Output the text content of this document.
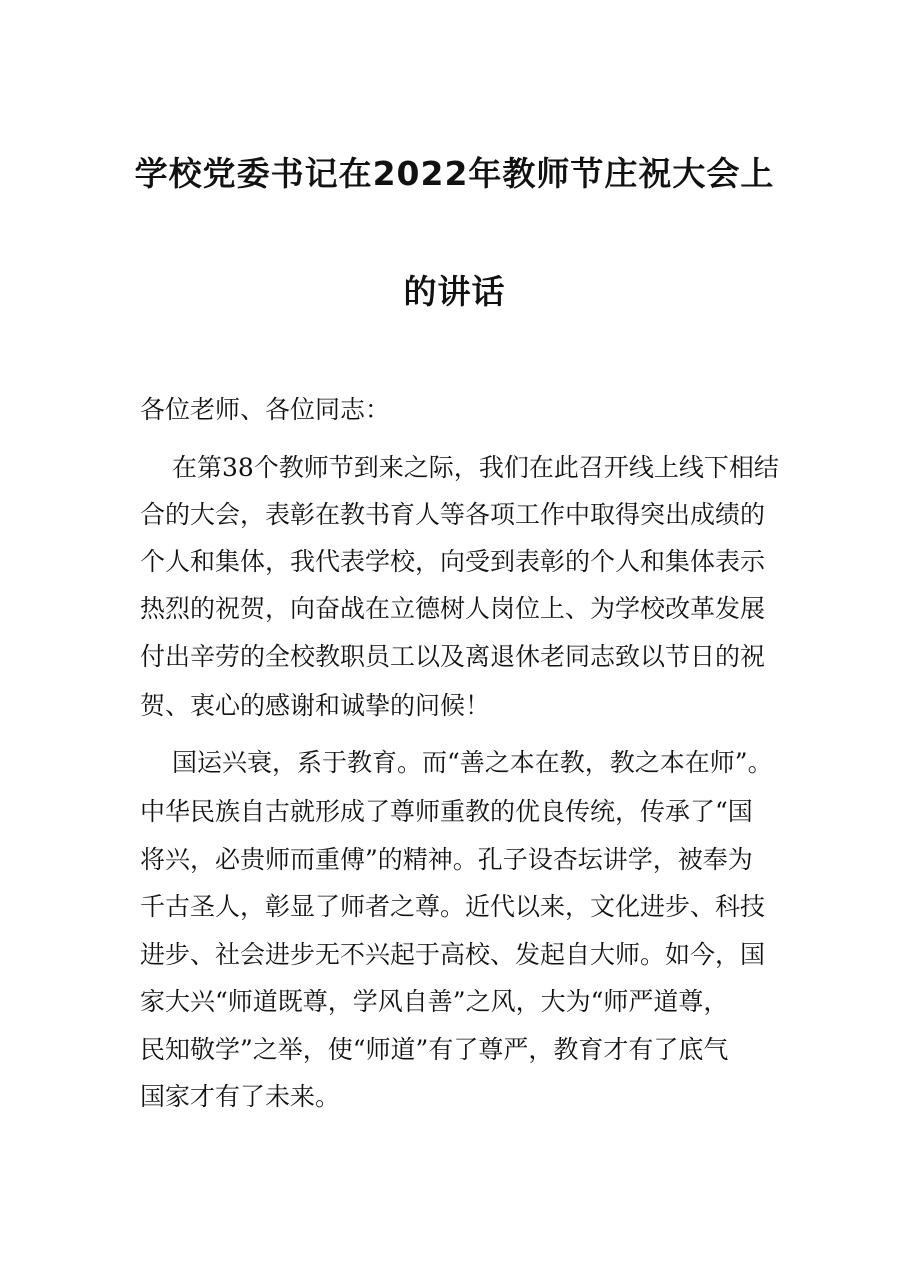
学校党委书记在2022年教师节庄祝大会上
的讲话
各位老师、各位同志：
在第38个教师节到来之际，我们在此召开线上线下相结
合的大会，表彰在教书育人等各项工作中取得突出成绩的
个人和集体，我代表学校，向受到表彰的个人和集体表示
热烈的祝贺，向奋战在立德树人岗位上、为学校改革发展
付出辛劳的全校教职员工以及离退休老同志致以节日的祝
贺、衷心的感谢和诚挚的问候！
国运兴衰，系于教育。而“善之本在教，教之本在师”。
中华民族自古就形成了尊师重教的优良传统，传承了“国
将兴，必贵师而重傅”的精神。孔子设杏坛讲学，被奉为
千古圣人，彰显了师者之尊。近代以来，文化进步、科技
进步、社会进步无不兴起于高校、发起自大师。如今，国
家大兴“师道既尊，学风自善”之风，大为“师严道尊，
民知敬学”之举，使“师道”有了尊严，教育才有了底气
国家才有了未来。
